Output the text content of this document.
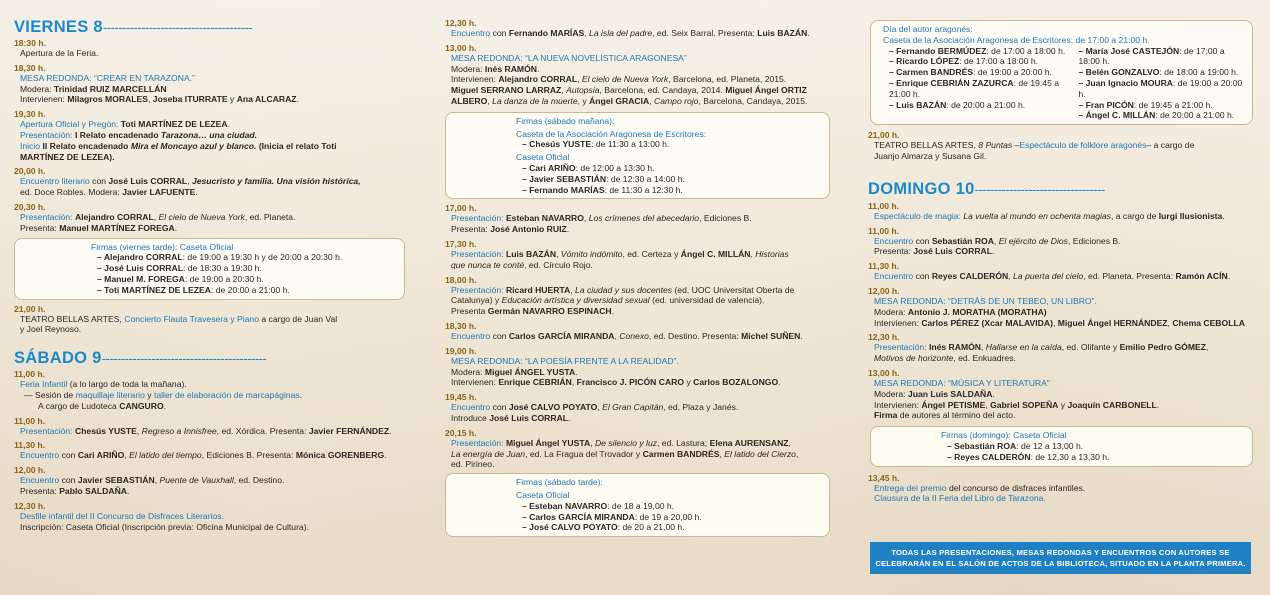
VIERNES 8---------------------------------------
18:30 h.
Apertura de la Feria.
18,30 h.
MESA REDONDA: “CREAR EN TARAZONA.”
Modera: Trinidad RUIZ MARCELLÁN
Intervienen: Milagros MORALES, Joseba ITURRATE y Ana ALCARAZ.
19,30 h.
Apertura Oficial y Pregón: Toti MARTÍNEZ DE LEZEA.
Presentación: I Relato encadenado Tarazona… una ciudad.
Inicio II Relato encadenado Mira el Moncayo azul y blanco. (Inicia el relato Toti
MARTÍNEZ DE LEZEA).
20,00 h.
Encuentro literario con José Luis CORRAL, Jesucristo y familia. Una visión histórica,
ed. Doce Robles. Modera: Javier LAFUENTE.
20,30 h.
Presentación: Alejandro CORRAL, El cielo de Nueva York, ed. Planeta.
Presenta: Manuel MARTÍNEZ FOREGA.
Firmas (viernes tarde): Caseta Oficial
– Alejandro CORRAL: de 19:00 a 19:30 h y de 20:00 a 20:30 h.
– José Luis CORRAL: de 18:30 a 19:30 h.
– Manuel M. FOREGA: de 19:00 a 20:30 h.
– Toti MARTÍNEZ DE LEZEA: de 20:00 a 21:00 h.
21,00 h.
TEATRO BELLAS ARTES, Concierto Flauta Travesera y Piano a cargo de Juan Val
y Joel Reynoso.
SÁBADO 9-------------------------------------------
11,00 h.
Feria Infantil (a lo largo de toda la mañana).
— Sesión de maquillaje literario y taller de elaboración de marcapáginas.
A cargo de Ludoteca CANGURO.
11,00 h.
Presentación: Chesús YUSTE, Regreso a Innisfree, ed. Xórdica. Presenta: Javier FERNÁNDEZ.
11,30 h.
Encuentro con Cari ARIÑO, El latido del tiempo, Ediciones B. Presenta: Mónica GORENBERG.
12,00 h.
Encuentro con Javier SEBASTIÁN, Puente de Vauxhall, ed. Destino.
Presenta: Pablo SALDAÑA.
12,30 h.
Desfile infantil del II Concurso de Disfraces Literarios.
Inscripción: Caseta Oficial (Inscripción previa: Oficina Municipal de Cultura).
12,30 h.
Encuentro con Fernando MARÍAS, La isla del padre, ed. Seix Barral. Presenta: Luis BAZÁN.
13,00 h.
MESA REDONDA: “LA NUEVA NOVELÍSTICA ARAGONESA”
Modera: Inés RAMÓN.
Intervienen: Alejandro CORRAL, El cielo de Nueva York, Barcelona, ed. Planeta, 2015.
Miguel SERRANO LARRAZ, Autopsia, Barcelona, ed. Candaya, 2014. Miguel Ángel ORTIZ
ALBERO, La danza de la muerte, y Ángel GRACIA, Campo rojo, Barcelona, Candaya, 2015.
Firmas (sábado mañana):
Caseta de la Asociación Aragonesa de Escritores:
– Chesús YUSTE: de 11:30 a 13:00 h.
Caseta Oficial
– Cari ARIÑO: de 12:00 a 13:30 h.
– Javier SEBASTIÁN: de 12:30 a 14:00 h.
– Fernando MARÍAS: de 11:30 a 12:30 h.
17,00 h.
Presentación: Esteban NAVARRO, Los crímenes del abecedario, Ediciones B.
Presenta: José Antonio RUIZ.
17,30 h.
Presentación: Luis BAZÁN, Vómito indómito, ed. Certeza y Ángel C. MILLÁN, Historias
que nunca te conté, ed. Círculo Rojo.
18,00 h.
Presentación: Ricard HUERTA, La ciudad y sus docentes (ed. UOC Universitat Oberta de
Catalunya) y Educación artística y diversidad sexual (ed. universidad de valencia).
Presenta Germán NAVARRO ESPINACH.
18,30 h.
Encuentro con Carlos GARCÍA MIRANDA, Conexo, ed. Destino. Presenta: Michel SUÑEN.
19,00 h.
MESA REDONDA: “LA POESÍA FRENTE A LA REALIDAD”.
Modera: Miguel ÁNGEL YUSTA.
Intervienen: Enrique CEBRIÁN, Francisco J. PICÓN CARO y Carlos BOZALONGO.
19,45 h.
Encuentro con José CALVO POYATO, El Gran Capitán, ed. Plaza y Janés.
Introduce José Luis CORRAL.
20,15 h.
Presentación: Miguel Ángel YUSTA, De silencio y luz, ed. Lastura; Elena AURENSANZ,
La energía de Juan, ed. La Fragua del Trovador y Carmen BANDRÉS, El latido del Cierzo,
ed. Pirineo.
Firmas (sábado tarde):
Caseta Oficial
– Esteban NAVARRO: de 18 a 19,00 h.
– Carlos GARCÍA MIRANDA: de 19 a 20,00 h.
– José CALVO POYATO: de 20 a 21,00 h.
Día del autor aragonés:
Caseta de la Asociación Aragonesa de Escritores: de 17:00 a 21:00 h.
– Fernando BERMÚDEZ: de 17:00 a 18:00 h.
– Ricardo LÓPEZ: de 17:00 a 18:00 h.
– Carmen BANDRÉS: de 19:00 a 20:00 h.
– Enrique CEBRIÁN ZAZURCA: de 19:45 a 21:00 h.
– Luis BAZÁN: de 20:00 a 21:00 h.
– María José CASTEJÓN: de 17:00 a 18:00 h.
– Belén GONZALVO: de 18:00 a 19:00 h.
– Juan Ignacio MOURA: de 19:00 a 20:00 h.
– Fran PICÓN: de 19:45 a 21:00 h.
– Ángel C. MILLÁN: de 20:00 a 21:00 h.
21,00 h.
TEATRO BELLAS ARTES, 8 Puntas –Espectáculo de folklore aragonés– a cargo de
Juanjo Almarza y Susana Gil.
DOMINGO 10----------------------------------
11,00 h.
Espectáculo de magia: La vuelta al mundo en ochenta magias, a cargo de Iurgi Ilusionista.
11,00 h.
Encuentro con Sebastián ROA, El ejército de Dios, Ediciones B.
Presenta: José Luis CORRAL.
11,30 h.
Encuentro con Reyes CALDERÓN, La puerta del cielo, ed. Planeta. Presenta: Ramón ACÍN.
12,00 h.
MESA REDONDA: “DETRÁS DE UN TEBEO, UN LIBRO”.
Modera: Antonio J. MORATHA (MORATHA)
Intervienen: Carlos PÉREZ (Xcar MALAVIDA), Miguel Ángel HERNÁNDEZ, Chema CEBOLLA
12,30 h.
Presentación: Inés RAMÓN, Hallarse en la caída, ed. Olifante y Emilio Pedro GÓMEZ,
Motivos de horizonte, ed. Enkuadres.
13,00 h.
MESA REDONDA: “MÚSICA Y LITERATURA”
Modera: Juan Luis SALDAÑA.
Intervienen: Ángel PETISME, Gabriel SOPEÑA y Joaquín CARBONELL.
Firma de autores al término del acto.
Firmas (domingo): Caseta Oficial
– Sebastián ROA: de 12 a 13,00 h.
– Reyes CALDERÓN: de 12,30 a 13,30 h.
13,45 h.
Entrega del premio del concurso de disfraces infantiles.
Clausura de la II Feria del Libro de Tarazona.
TODAS LAS PRESENTACIONES, MESAS REDONDAS Y ENCUENTROS CON AUTORES SE
CELEBRARÁN EN EL SALÓN DE ACTOS DE LA BIBLIOTECA, SITUADO EN LA PLANTA PRIMERA.
